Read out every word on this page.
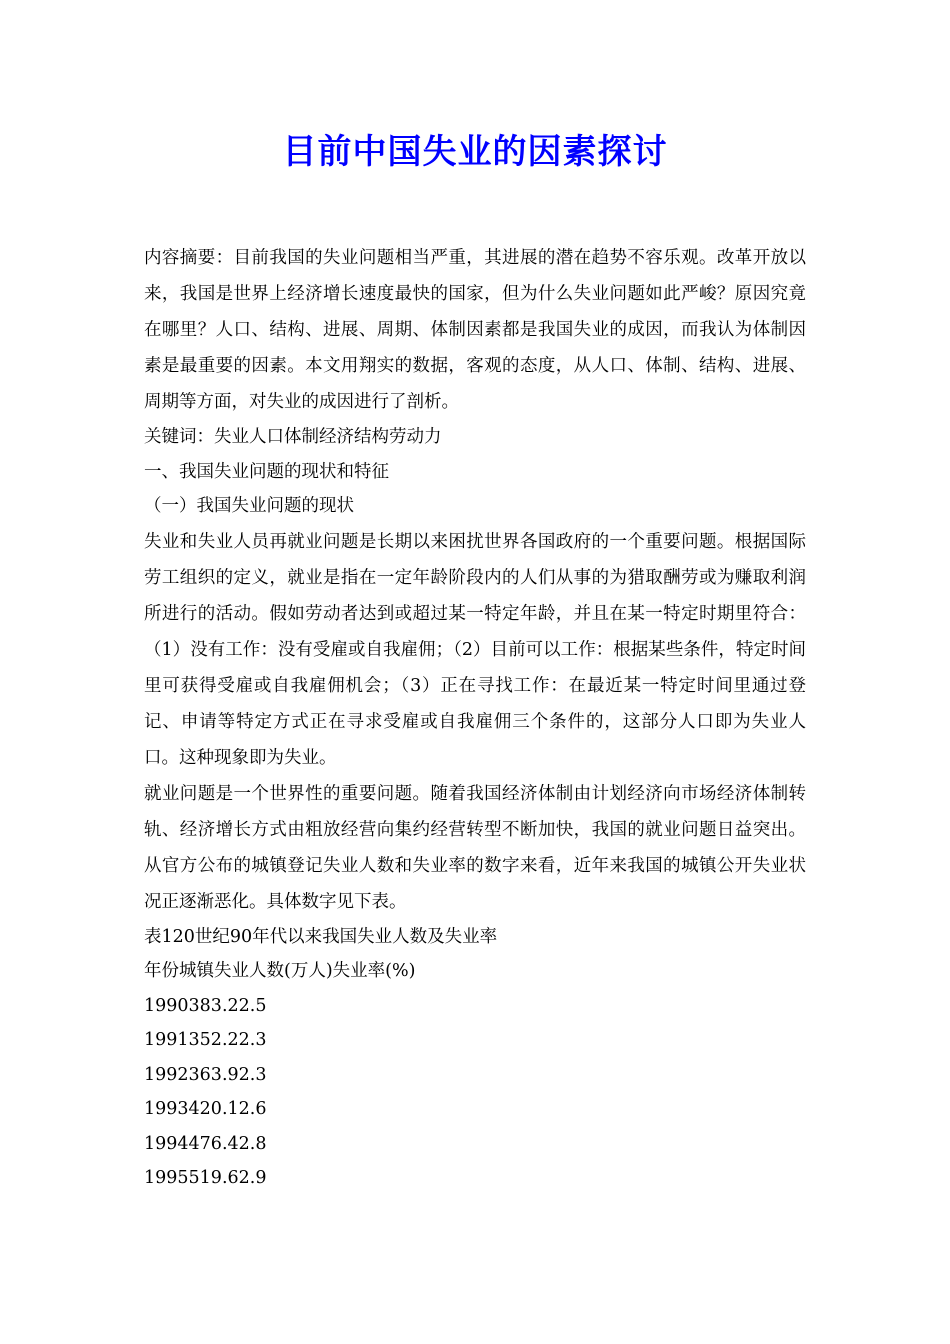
目前中国失业的因素探讨

内容摘要：目前我国的失业问题相当严重，其进展的潜在趋势不容乐观。改革开放以来，我国是世界上经济增长速度最快的国家，但为什么失业问题如此严峻？原因究竟在哪里？人口、结构、进展、周期、体制因素都是我国失业的成因，而我认为体制因素是最重要的因素。本文用翔实的数据，客观的态度，从人口、体制、结构、进展、周期等方面，对失业的成因进行了剖析。

关键词：失业人口体制经济结构劳动力

一、我国失业问题的现状和特征

（一）我国失业问题的现状

失业和失业人员再就业问题是长期以来困扰世界各国政府的一个重要问题。根据国际劳工组织的定义，就业是指在一定年龄阶段内的人们从事的为猎取酬劳或为赚取利润所进行的活动。假如劳动者达到或超过某一特定年龄，并且在某一特定时期里符合：（1）没有工作：没有受雇或自我雇佣；（2）目前可以工作：根据某些条件，特定时间里可获得受雇或自我雇佣机会；（3）正在寻找工作：在最近某一特定时间里通过登记、申请等特定方式正在寻求受雇或自我雇佣三个条件的，这部分人口即为失业人口。这种现象即为失业。

就业问题是一个世界性的重要问题。随着我国经济体制由计划经济向市场经济体制转轨、经济增长方式由粗放经营向集约经营转型不断加快，我国的就业问题日益突出。从官方公布的城镇登记失业人数和失业率的数字来看，近年来我国的城镇公开失业状况正逐渐恶化。具体数字见下表。

表120世纪90年代以来我国失业人数及失业率

年份城镇失业人数(万人)失业率(%)

1990383.22.5

1991352.22.3

1992363.92.3

1993420.12.6

1994476.42.8

1995519.62.9
